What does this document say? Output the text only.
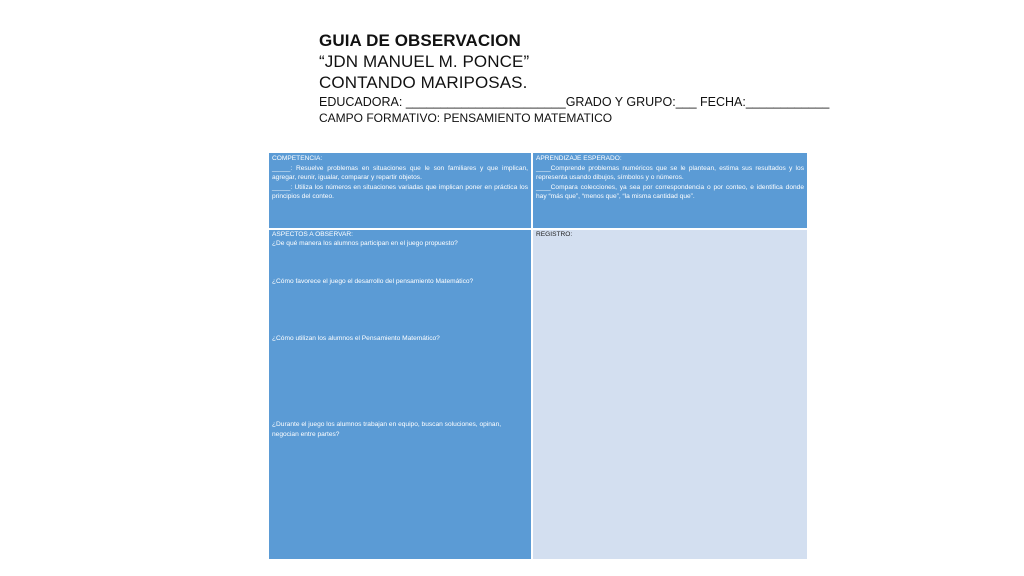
GUIA DE OBSERVACION
“JDN MANUEL M. PONCE”
CONTANDO MARIPOSAS.
EDUCADORA: _______________________GRADO Y GRUPO:___ FECHA:____________
CAMPO FORMATIVO: PENSAMIENTO MATEMATICO

COMPETENCIA:

_____: Resuelve problemas en situaciones que le son familiares y que implican, agregar, reunir, igualar, comparar y repartir objetos.

_____: Utiliza los números en situaciones variadas que implican poner en práctica los principios del conteo.

APRENDIZAJE ESPERADO:

____Comprende problemas numéricos que se le plantean, estima sus resultados y los representa usando dibujos, símbolos y o números.

____Compara colecciones, ya sea por correspondencia o por conteo, e identifica donde hay “más que”, “menos que”, “la misma cantidad que”.

ASPECTOS A OBSERVAR:

¿De qué manera los alumnos participan en el juego propuesto?

¿Cómo favorece el juego el desarrollo del pensamiento Matemático?

¿Cómo utilizan los alumnos el Pensamiento Matemático?

¿Durante el juego los alumnos trabajan en equipo, buscan soluciones, opinan, negocian entre partes?

REGISTRO:
